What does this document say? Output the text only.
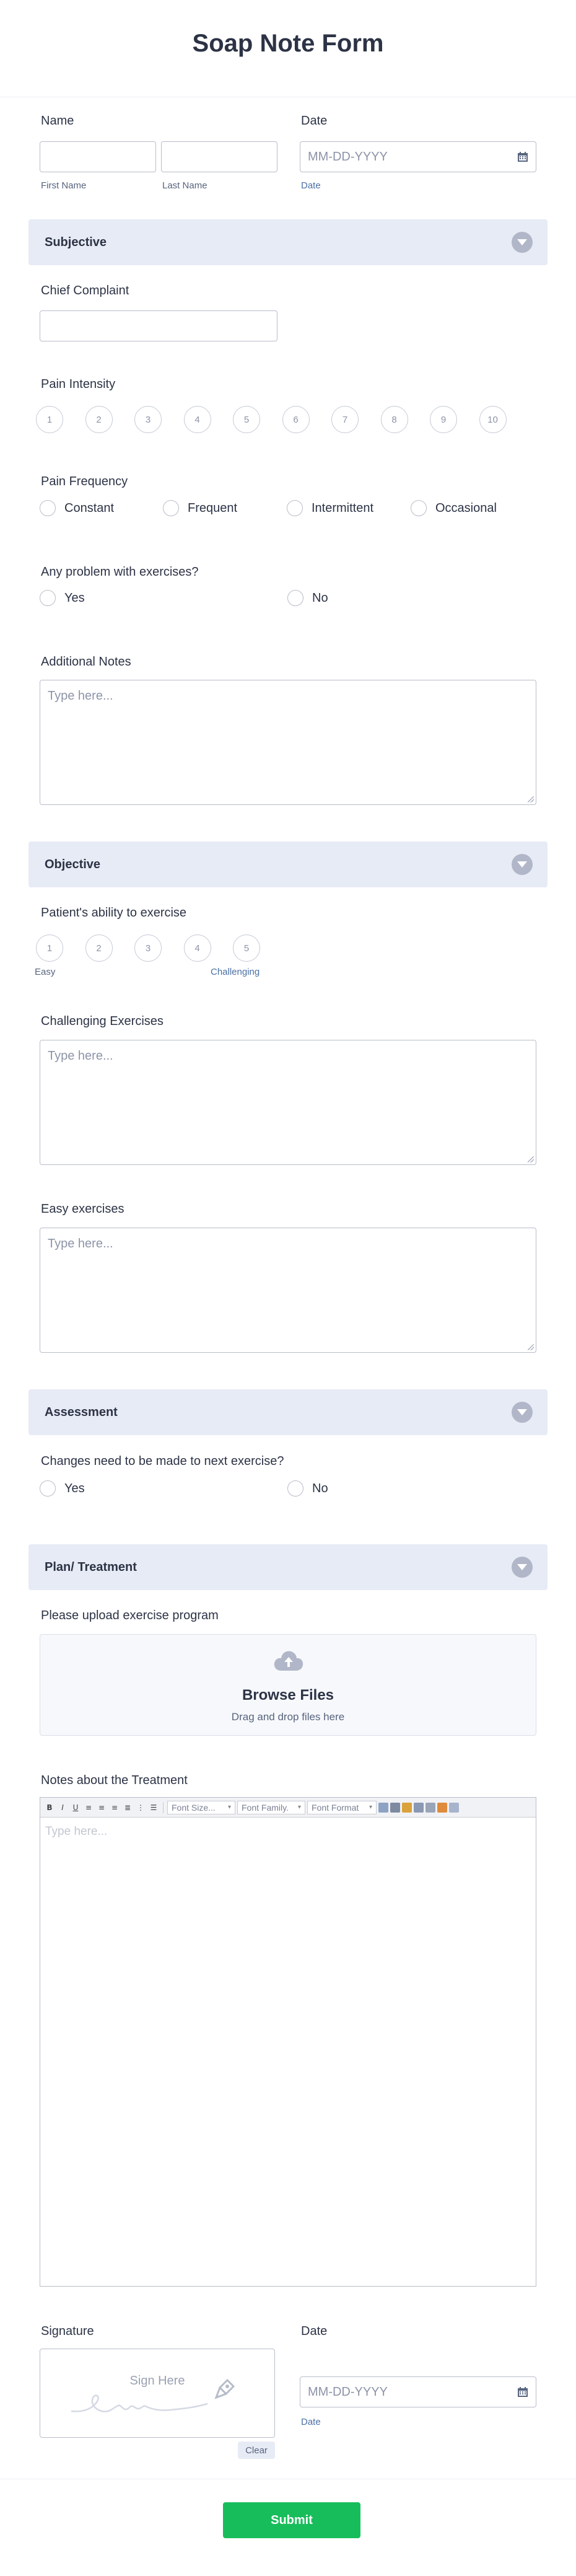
Soap Note Form
Name
First Name	Last Name
Date
MM-DD-YYYY
Date
Subjective
Chief Complaint
Pain Intensity
1	2	3	4	5	6	7	8	9	10
Pain Frequency
Constant	Frequent	Intermittent	Occasional
Any problem with exercises?
Yes	No
Additional Notes
Type here...
Objective
Patient's ability to exercise
1	2	3	4	5
Easy	Challenging
Challenging Exercises
Type here...
Easy exercises
Type here...
Assessment
Changes need to be made to next exercise?
Yes	No
Plan/ Treatment
Please upload exercise program
Browse Files
Drag and drop files here
Notes about the Treatment
B	I	U ≡ ≡ ≡ ≣ ⋮ ☰ Font Size... ▾ Font Family. ▾ Font Format ▾
Type here...
Signature
Sign Here
Clear
Date
MM-DD-YYYY
Date
Submit
